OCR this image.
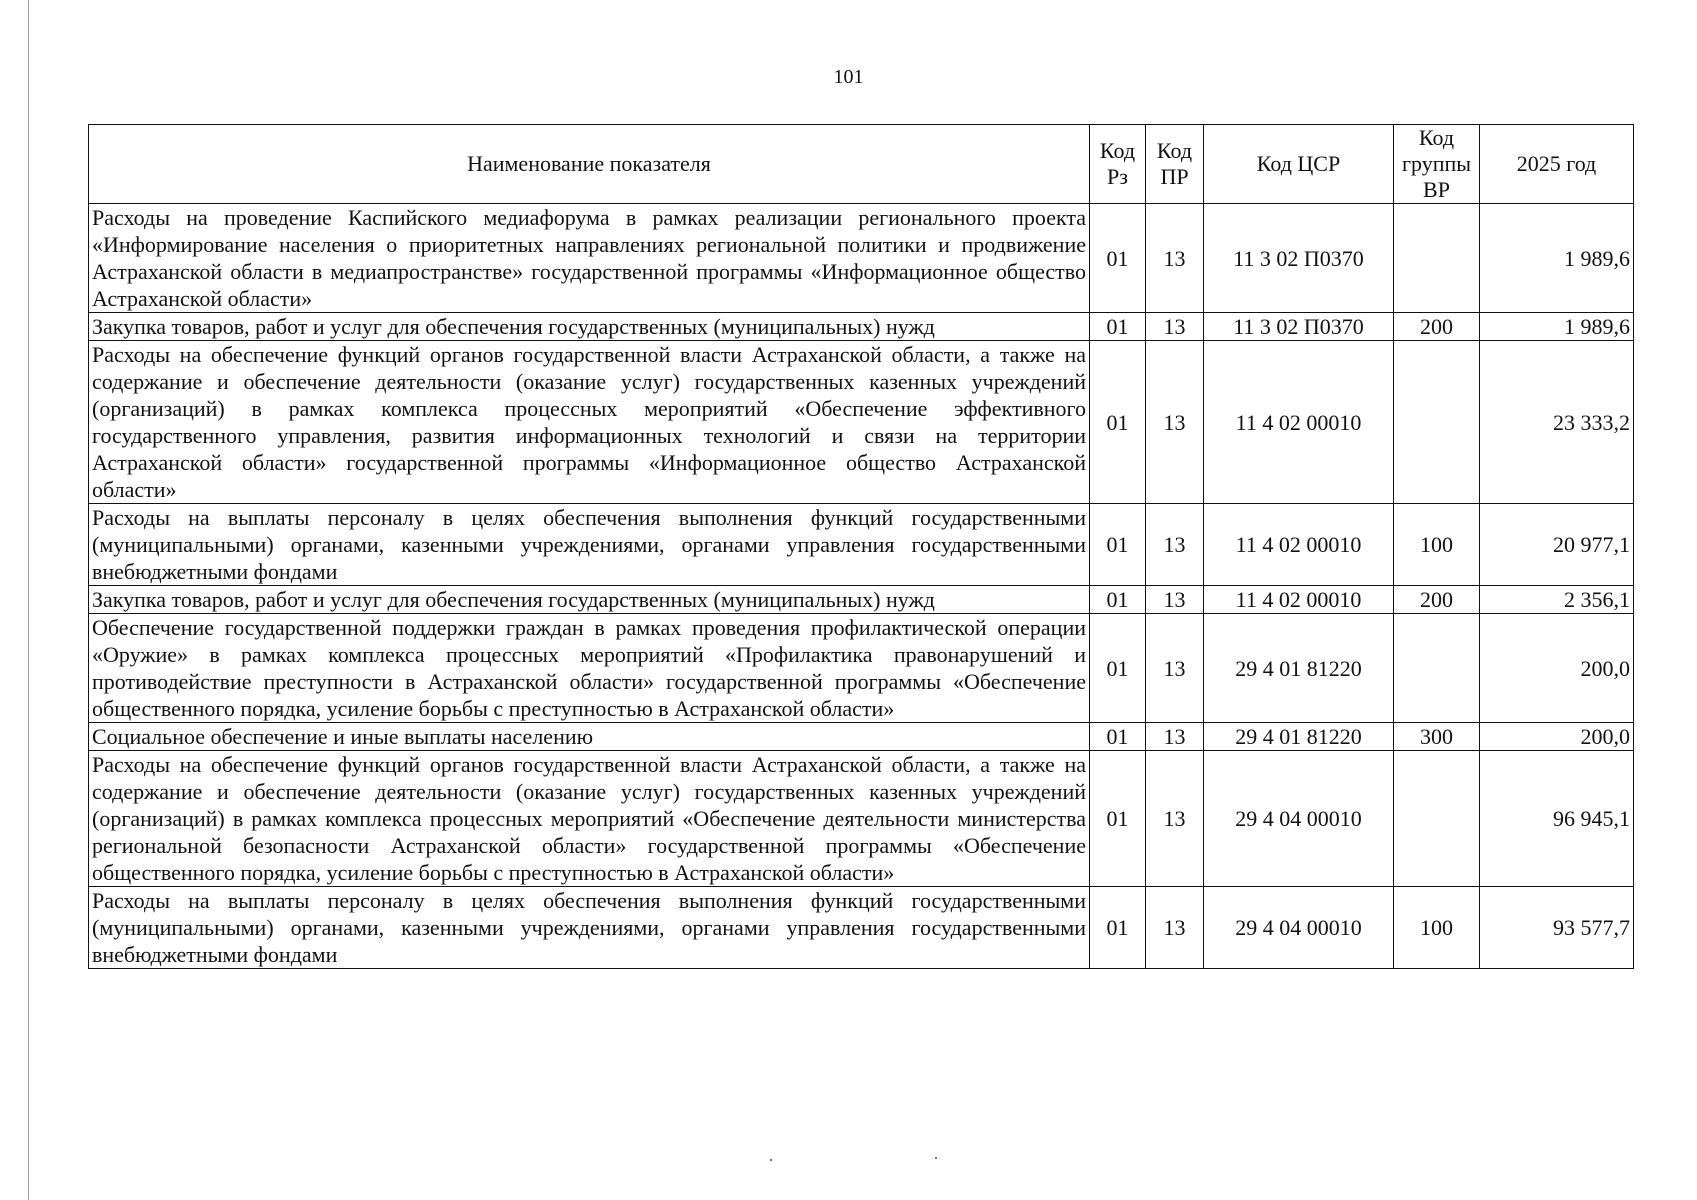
101
Наименование показателя	Код Рз	Код ПР	Код ЦСР	Код группы ВР	2025 год
Расходы на проведение Каспийского медиафорума в рамках реализации регионального проекта «Информирование населения о приоритетных направлениях региональной политики и продвижение Астраханской области в медиапространстве» государственной программы «Информационное общество Астраханской области»	01	13	11 3 02 П0370		1 989,6
Закупка товаров, работ и услуг для обеспечения государственных (муниципальных) нужд	01	13	11 3 02 П0370	200	1 989,6
Расходы на обеспечение функций органов государственной власти Астраханской области, а также на содержание и обеспечение деятельности (оказание услуг) государственных казенных учреждений (организаций) в рамках комплекса процессных мероприятий «Обеспечение эффективного государственного управления, развития информационных технологий и связи на территории Астраханской области» государственной программы «Информационное общество Астраханской области»	01	13	11 4 02 00010		23 333,2
Расходы на выплаты персоналу в целях обеспечения выполнения функций государственными (муниципальными) органами, казенными учреждениями, органами управления государственными внебюджетными фондами	01	13	11 4 02 00010	100	20 977,1
Закупка товаров, работ и услуг для обеспечения государственных (муниципальных) нужд	01	13	11 4 02 00010	200	2 356,1
Обеспечение государственной поддержки граждан в рамках проведения профилактической операции «Оружие» в рамках комплекса процессных мероприятий «Профилактика правонарушений и противодействие преступности в Астраханской области» государственной программы «Обеспечение общественного порядка, усиление борьбы с преступностью в Астраханской области»	01	13	29 4 01 81220		200,0
Социальное обеспечение и иные выплаты населению	01	13	29 4 01 81220	300	200,0
Расходы на обеспечение функций органов государственной власти Астраханской области, а также на содержание и обеспечение деятельности (оказание услуг) государственных казенных учреждений (организаций) в рамках комплекса процессных мероприятий «Обеспечение деятельности министерства региональной безопасности Астраханской области» государственной программы «Обеспечение общественного порядка, усиление борьбы с преступностью в Астраханской области»	01	13	29 4 04 00010		96 945,1
Расходы на выплаты персоналу в целях обеспечения выполнения функций государственными (муниципальными) органами, казенными учреждениями, органами управления государственными внебюджетными фондами	01	13	29 4 04 00010	100	93 577,7
